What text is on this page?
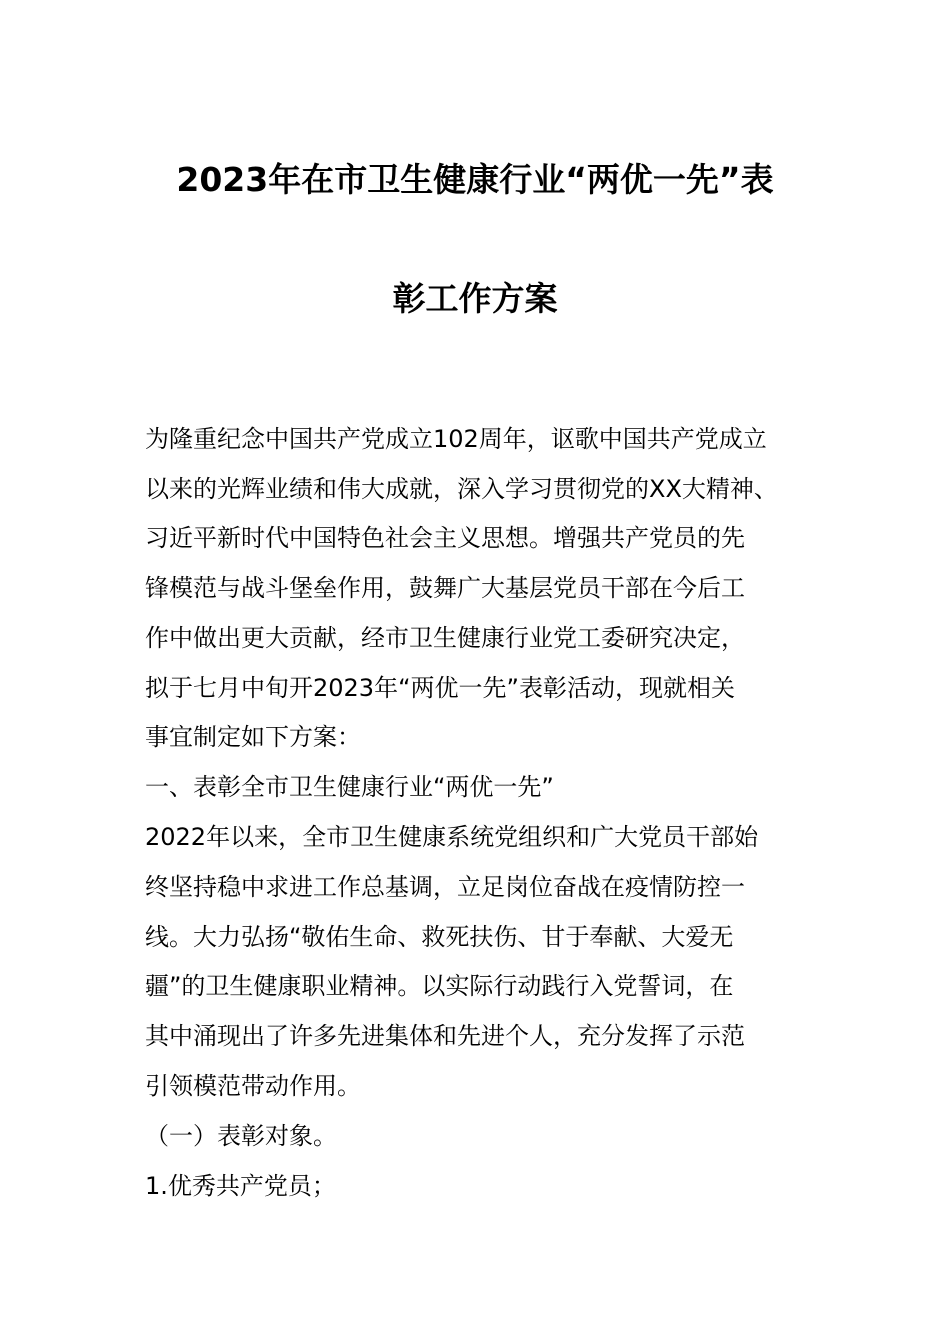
2023年在市卫生健康行业“两优一先”表
彰工作方案
为隆重纪念中国共产党成立102周年，讴歌中国共产党成立
以来的光辉业绩和伟大成就，深入学习贯彻党的XX大精神、
习近平新时代中国特色社会主义思想。增强共产党员的先
锋模范与战斗堡垒作用，鼓舞广大基层党员干部在今后工
作中做出更大贡献，经市卫生健康行业党工委研究决定，
拟于七月中旬开2023年“两优一先”表彰活动，现就相关
事宜制定如下方案：
一、表彰全市卫生健康行业“两优一先”
2022年以来，全市卫生健康系统党组织和广大党员干部始
终坚持稳中求进工作总基调，立足岗位奋战在疫情防控一
线。大力弘扬“敬佑生命、救死扶伤、甘于奉献、大爱无
疆”的卫生健康职业精神。以实际行动践行入党誓词，在
其中涌现出了许多先进集体和先进个人，充分发挥了示范
引领模范带动作用。
（一）表彰对象。
1.优秀共产党员；
